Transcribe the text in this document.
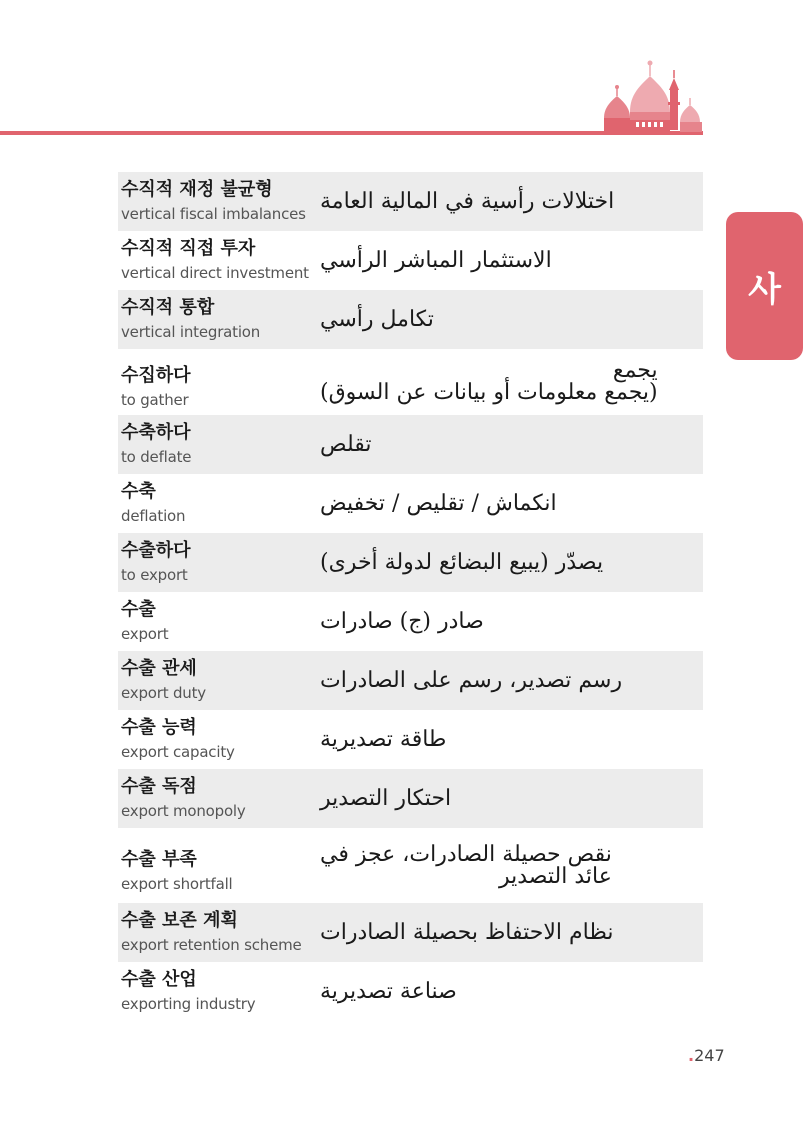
사
수직적 재정 불균형
vertical fiscal imbalances
اختلالات رأسية في المالية العامة
수직적 직접 투자
vertical direct investment
الاستثمار المباشر الرأسي
수직적 통합
vertical integration
تكامل رأسي
수집하다
to gather
يجمع
(يجمع معلومات أو بيانات عن السوق)
수축하다
to deflate
تقلص
수축
deflation
انكماش / تقليص / تخفيض
수출하다
to export
يصدّر (يبيع البضائع لدولة أخرى)
수출
export
صادر (ج) صادرات
수출 관세
export duty
رسم تصدير، رسم على الصادرات
수출 능력
export capacity
طاقة تصديرية
수출 독점
export monopoly
احتكار التصدير
수출 부족
export shortfall
نقص حصيلة الصادرات، عجز في
عائد التصدير
수출 보존 계획
export retention scheme
نظام الاحتفاظ بحصيلة الصادرات
수출 산업
exporting industry
صناعة تصديرية
.247
